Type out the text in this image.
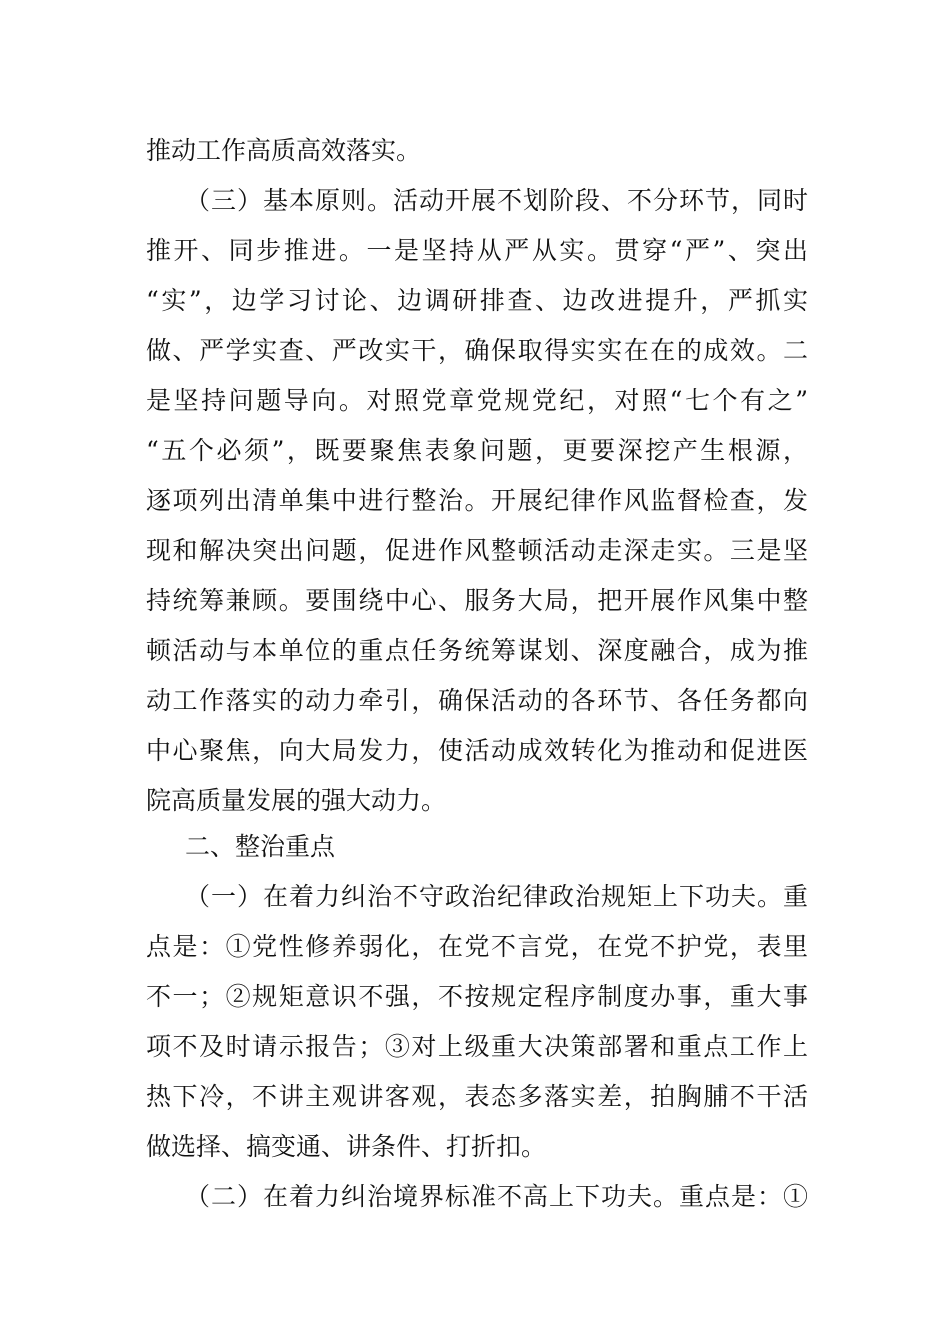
推动工作高质高效落实。
（三）基本原则。活动开展不划阶段、不分环节，同时
推开、同步推进。一是坚持从严从实。贯穿“严”、突出
“实”，边学习讨论、边调研排查、边改进提升，严抓实
做、严学实查、严改实干，确保取得实实在在的成效。二
是坚持问题导向。对照党章党规党纪，对照“七个有之”
“五个必须”，既要聚焦表象问题，更要深挖产生根源，
逐项列出清单集中进行整治。开展纪律作风监督检查，发
现和解决突出问题，促进作风整顿活动走深走实。三是坚
持统筹兼顾。要围绕中心、服务大局，把开展作风集中整
顿活动与本单位的重点任务统筹谋划、深度融合，成为推
动工作落实的动力牵引，确保活动的各环节、各任务都向
中心聚焦，向大局发力，使活动成效转化为推动和促进医
院高质量发展的强大动力。
二、整治重点
（一）在着力纠治不守政治纪律政治规矩上下功夫。重
点是：①党性修养弱化，在党不言党，在党不护党，表里
不一；②规矩意识不强，不按规定程序制度办事，重大事
项不及时请示报告；③对上级重大决策部署和重点工作上
热下冷，不讲主观讲客观，表态多落实差，拍胸脯不干活
做选择、搞变通、讲条件、打折扣。
（二）在着力纠治境界标准不高上下功夫。重点是：①
